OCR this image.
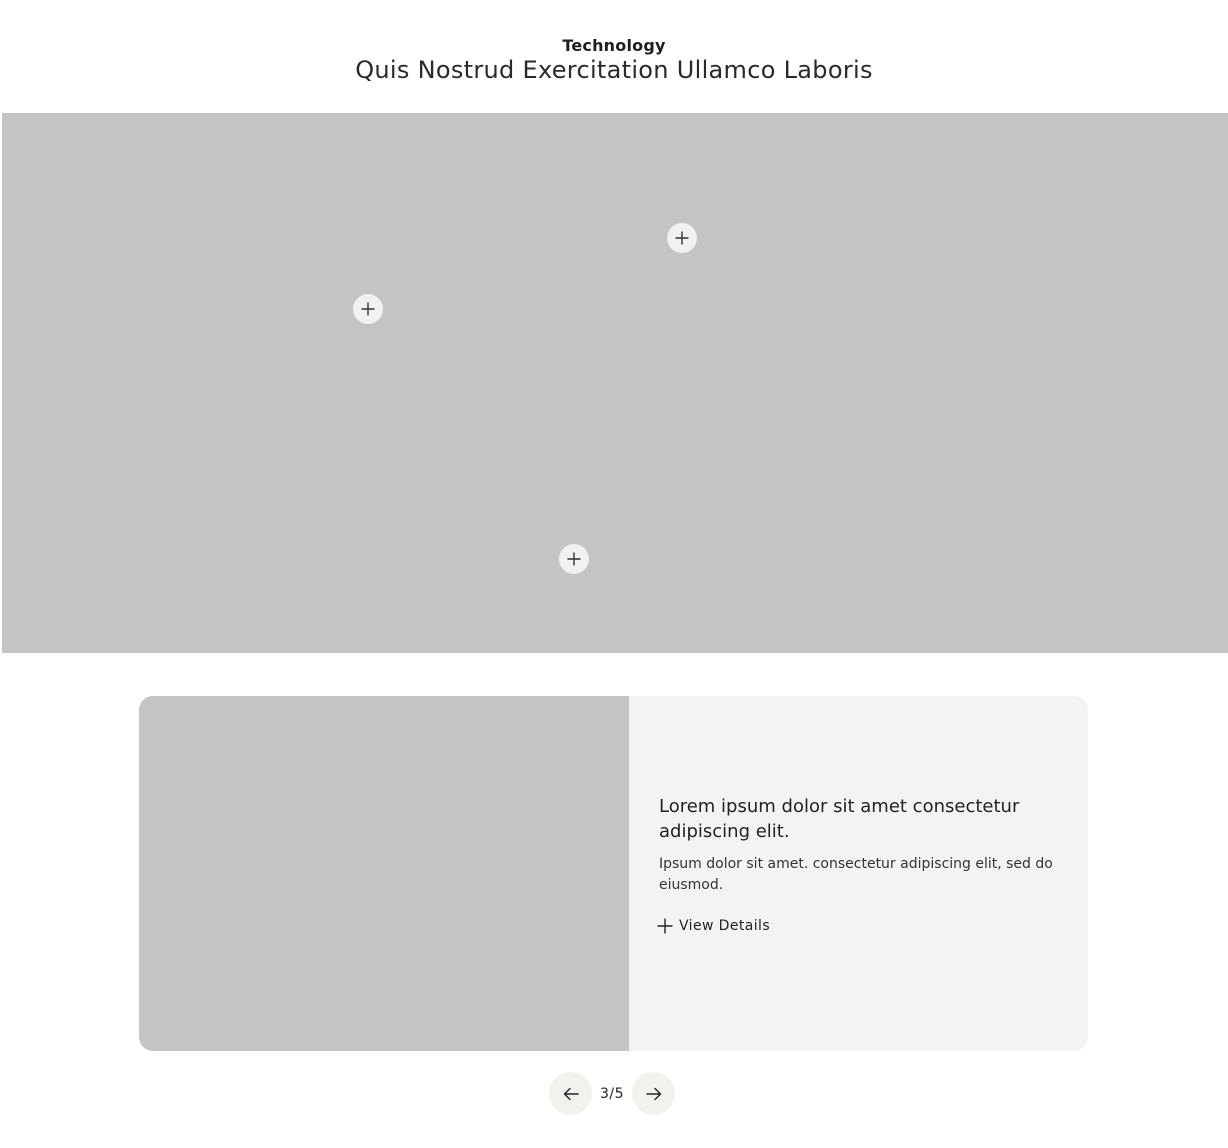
Technology
Quis Nostrud Exercitation Ullamco Laboris
Lorem ipsum dolor sit amet consectetur adipiscing elit.

Ipsum dolor sit amet. consectetur adipiscing elit, sed do eiusmod.

View Details
3/5
